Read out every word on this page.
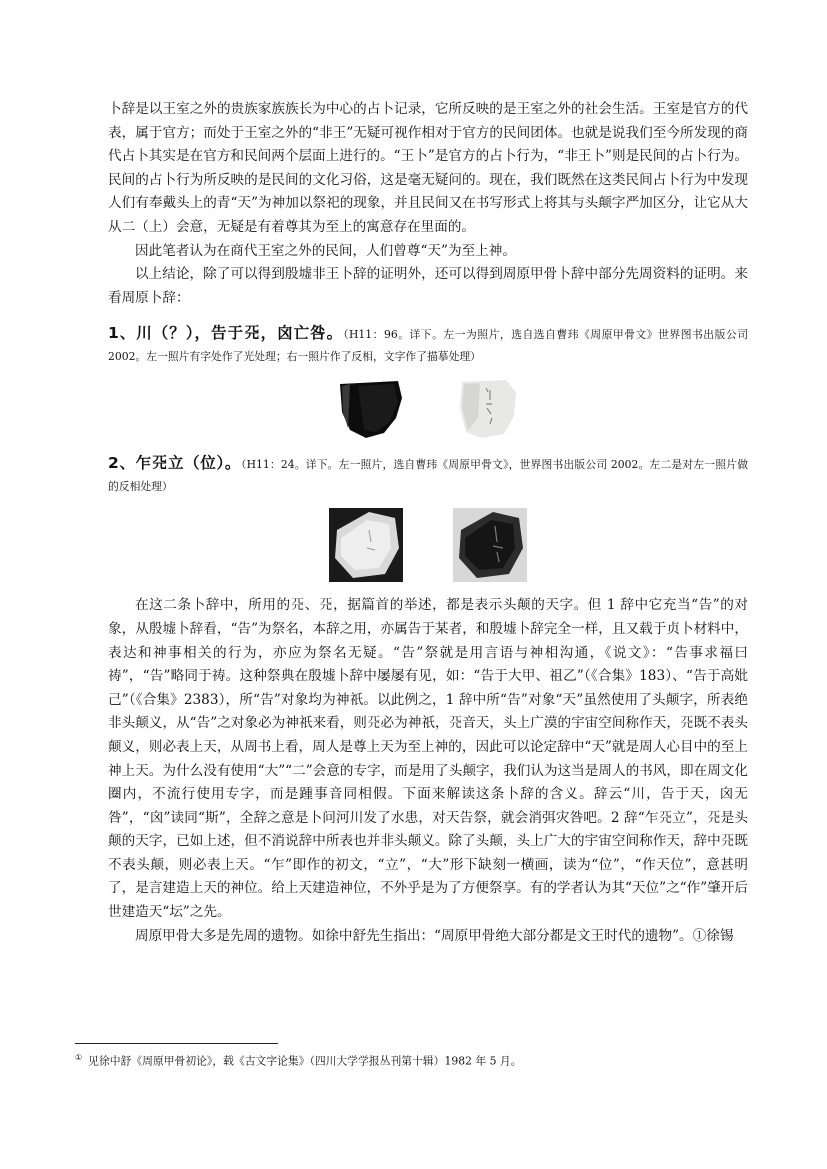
卜辞是以王室之外的贵族家族族长为中心的占卜记录，它所反映的是王室之外的社会生活。王室是官方的代表，属于官方；而处于王室之外的“非王”无疑可视作相对于官方的民间团体。也就是说我们至今所发现的商代占卜其实是在官方和民间两个层面上进行的。“王卜”是官方的占卜行为，“非王卜”则是民间的占卜行为。民间的占卜行为所反映的是民间的文化习俗，这是毫无疑问的。现在，我们既然在这类民间占卜行为中发现人们有奉戴头上的青“天”为神加以祭祀的现象，并且民间又在书写形式上将其与头颠字严加区分，让它从大从二（上）会意，无疑是有着尊其为至上的寓意存在里面的。

因此笔者认为在商代王室之外的民间，人们曾尊“天”为至上神。

以上结论，除了可以得到殷墟非王卜辞的证明外，还可以得到周原甲骨卜辞中部分先周资料的证明。来看周原卜辞：

1、川（？），告于𠀘，囟亡咎。（H11：96。详下。左一为照片，选自选自曹玮《周原甲骨文》世界图书出版公司 2002。左一照片有字处作了光处理；右一照片作了反相，文字作了描摹处理）

2、乍𠀘立（位）。（H11：24。详下。左一照片，选自曹玮《周原甲骨文》，世界图书出版公司 2002。左二是对左一照片做的反相处理）

在这二条卜辞中，所用的𠀘、𠀘，据篇首的举述，都是表示头颠的天字。但 1 辞中它充当“告”的对象，从殷墟卜辞看，“告”为祭名，本辞之用，亦属告于某者，和殷墟卜辞完全一样，且又载于贞卜材料中，表达和神事相关的行为，亦应为祭名无疑。“告”祭就是用言语与神相沟通，《说文》：“告事求福曰祷”，“告”略同于祷。这种祭典在殷墟卜辞中屡屡有见，如：“告于大甲、祖乙”（《合集》183）、“告于高妣己”（《合集》2383），所“告”对象均为神祇。以此例之，1 辞中所“告”对象“天”虽然使用了头颠字，所表绝非头颠义，从“告”之对象必为神祇来看，则𠀘必为神祇，𠀘音天，头上广漠的宇宙空间称作天，𠀘既不表头颠义，则必表上天，从周书上看，周人是尊上天为至上神的，因此可以论定辞中“天”就是周人心目中的至上神上天。为什么没有使用“大”“二”会意的专字，而是用了头颠字，我们认为这当是周人的书风，即在周文化圈内，不流行使用专字，而是踵事音同相假。下面来解读这条卜辞的含义。辞云“川，告于天，囟无咎”，“囟”读同“斯”，全辞之意是卜问河川发了水患，对天告祭，就会消弭灾咎吧。2 辞“乍𠀘立”，𠀘是头颠的天字，已如上述，但不消说辞中所表也并非头颠义。除了头颠，头上广大的宇宙空间称作天，辞中𠀘既不表头颠，则必表上天。“乍”即作的初文，“立”，“大”形下缺刻一横画，读为“位”，“作天位”，意甚明了，是言建造上天的神位。给上天建造神位，不外乎是为了方便祭享。有的学者认为其“天位”之“作”肇开后世建造天“坛”之先。

周原甲骨大多是先周的遗物。如徐中舒先生指出：“周原甲骨绝大部分都是文王时代的遗物”。①徐锡

① 见徐中舒《周原甲骨初论》，载《古文字论集》（四川大学学报丛刊第十辑）1982 年 5 月。
